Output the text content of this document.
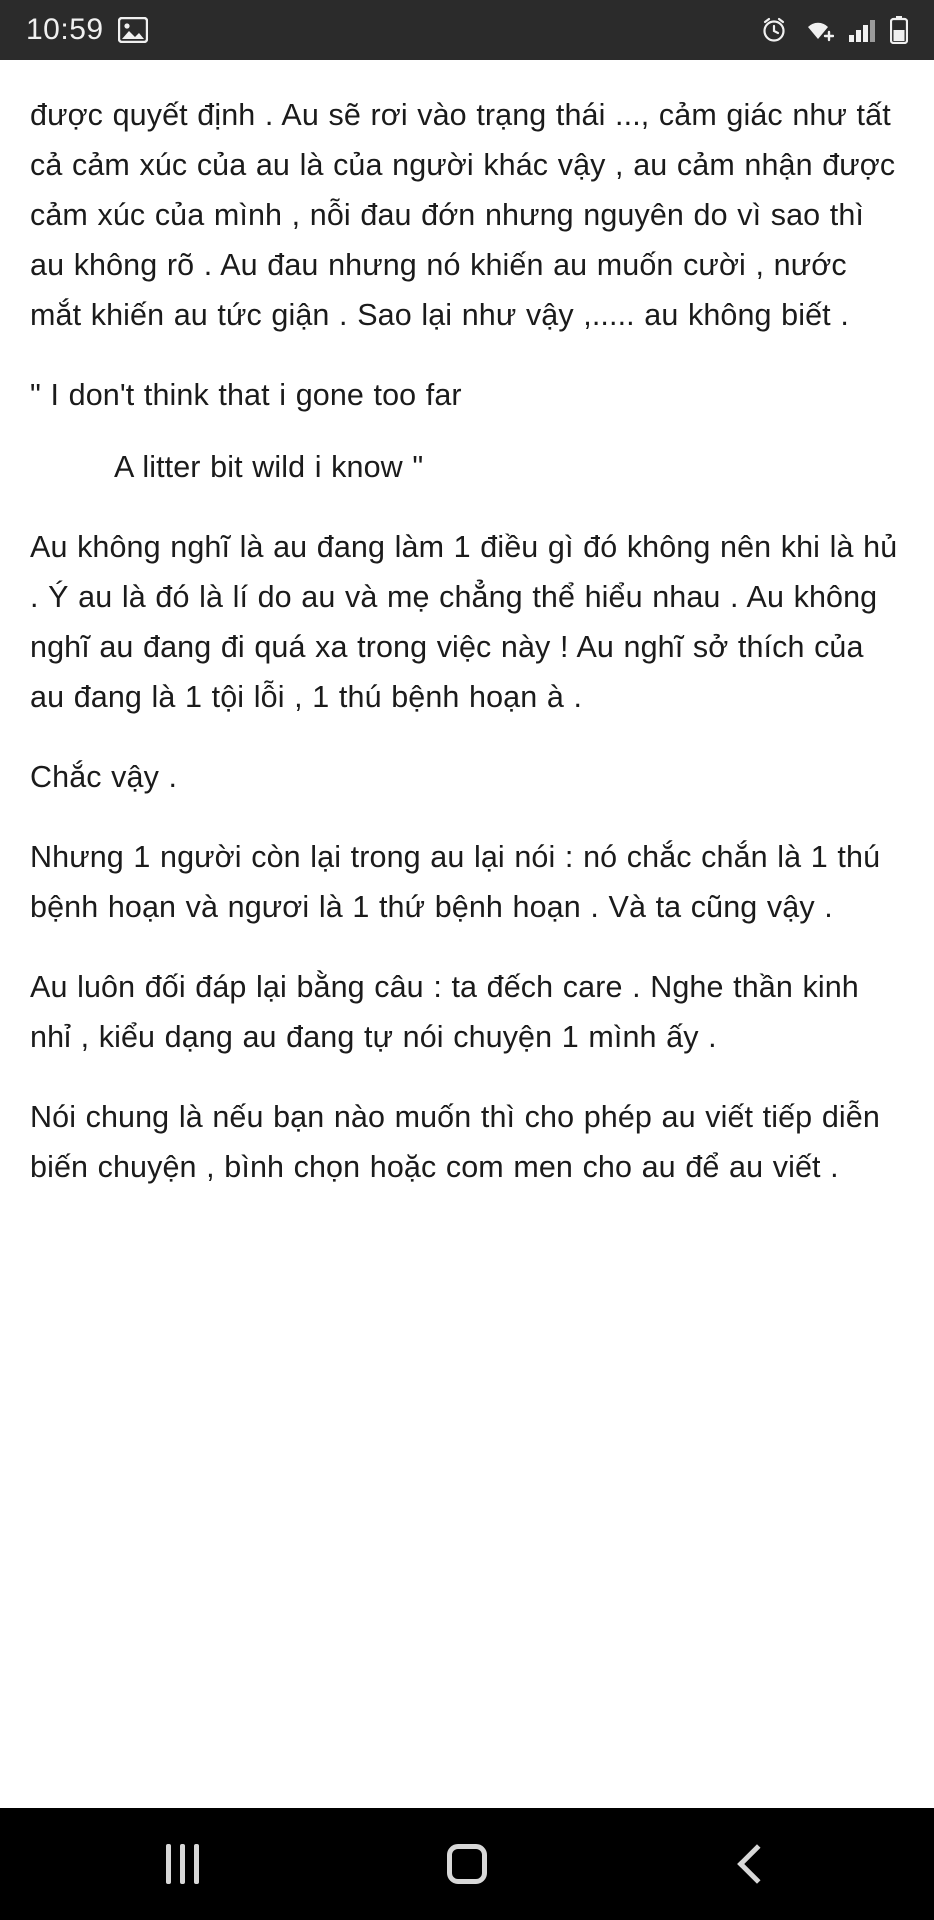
10:59

được quyết định . Au sẽ rơi vào trạng thái ..., cảm giác như tất cả cảm xúc của au là của người khác vậy , au cảm nhận được cảm xúc của mình , nỗi đau đớn nhưng nguyên do vì sao thì au không rõ . Au đau nhưng nó khiến au muốn cười , nước mắt khiến au tức giận . Sao lại như vậy ,..... au không biết .

" I don't think that i gone too far

A litter bit wild i know "

Au không nghĩ là au đang làm 1 điều gì đó không nên khi là hủ . Ý au là đó là lí do au và mẹ chẳng thể hiểu nhau . Au không nghĩ au đang đi quá xa trong việc này ! Au nghĩ sở thích của au đang là 1 tội lỗi , 1 thú bệnh hoạn à .

Chắc vậy .

Nhưng 1 người còn lại trong au lại nói : nó chắc chắn là 1 thú bệnh hoạn và ngươi là 1 thứ bệnh hoạn . Và ta cũng vậy .

Au luôn đối đáp lại bằng câu : ta đếch care . Nghe thần kinh nhỉ , kiểu dạng au đang tự nói chuyện 1 mình ấy .

Nói chung là nếu bạn nào muốn thì cho phép au viết tiếp diễn biến chuyện , bình chọn hoặc com men cho au để au viết .
